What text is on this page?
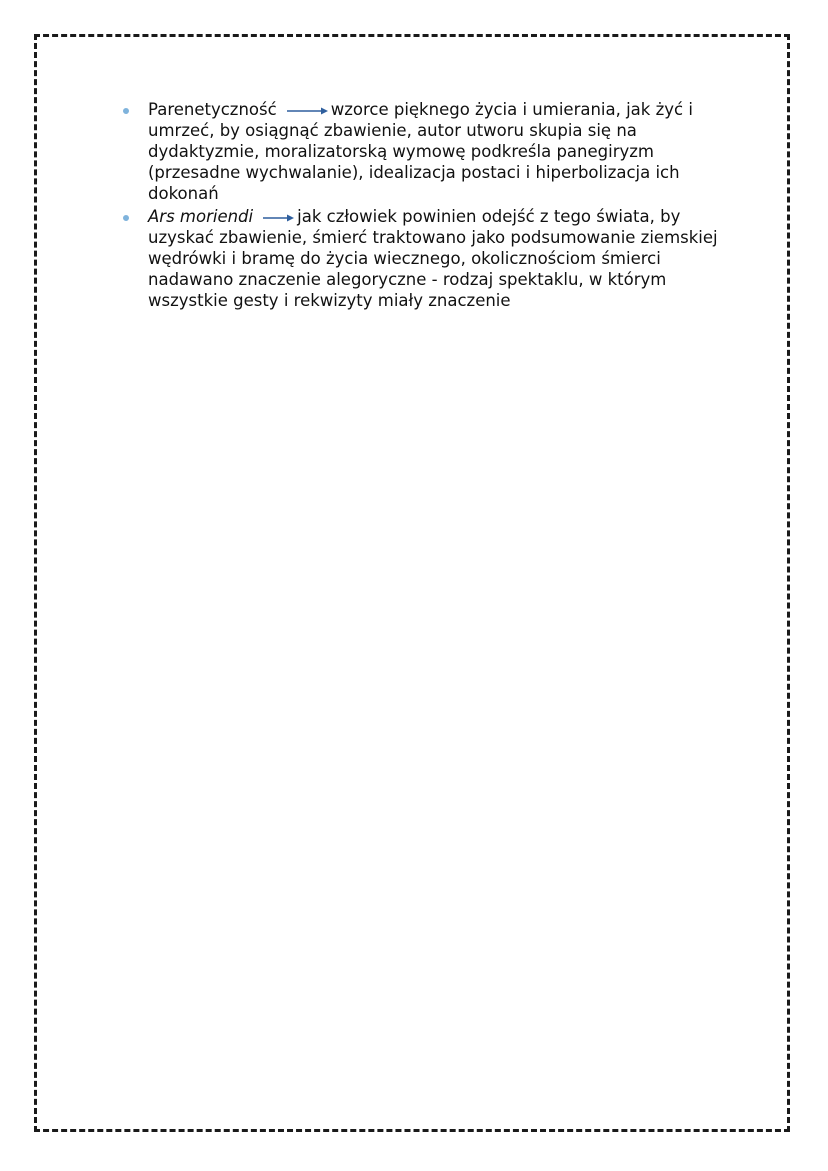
Parenetyczność	wzorce pięknego życia i umierania, jak żyć i umrzeć, by osiągnąć zbawienie, autor utworu skupia się na dydaktyzmie, moralizatorską wymowę podkreśla panegiryzm (przesadne wychwalanie), idealizacja postaci i hiperbolizacja ich dokonań
Ars moriendi	jak człowiek powinien odejść z tego świata, by uzyskać zbawienie, śmierć traktowano jako podsumowanie ziemskiej wędrówki i bramę do życia wiecznego, okolicznościom śmierci nadawano znaczenie alegoryczne - rodzaj spektaklu, w którym wszystkie gesty i rekwizyty miały znaczenie
